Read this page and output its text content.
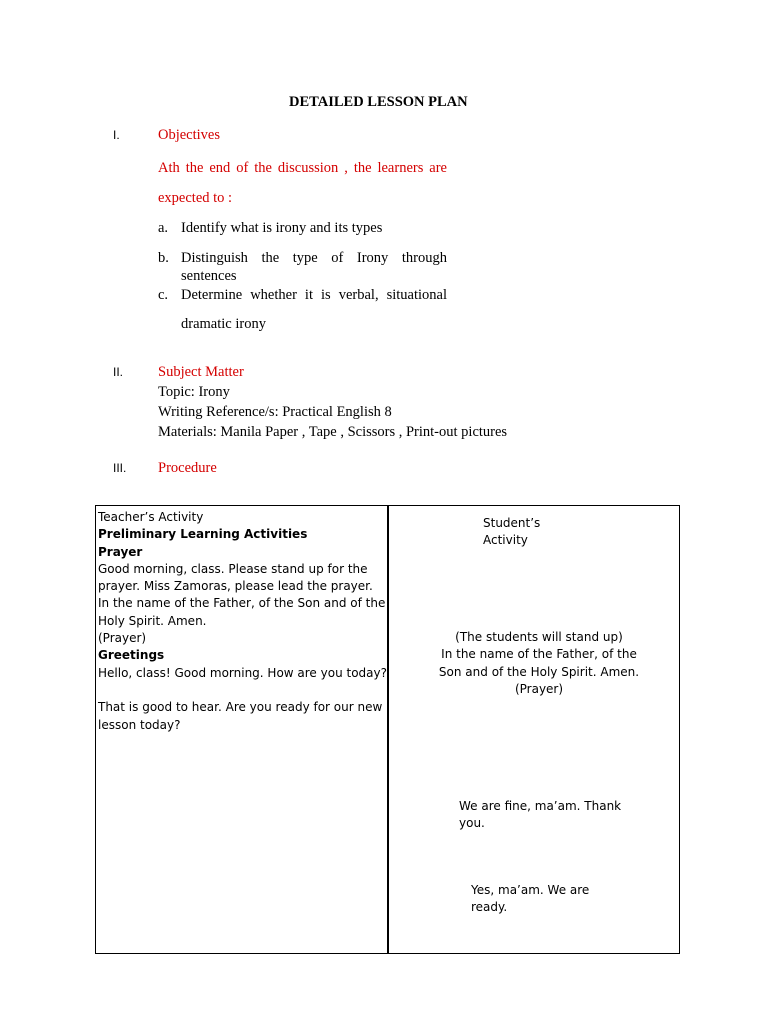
DETAILED LESSON PLAN
I.	Objectives
Ath the end of the discussion , the learners are
expected to :
a. Identify what is irony and its types
b. Distinguish the type of Irony through
sentences
c. Determine whether it is verbal, situational
dramatic irony
II. Subject Matter
Topic: Irony
Writing Reference/s: Practical English 8
Materials: Manila Paper , Tape , Scissors , Print-out pictures
III. Procedure
Teacher’s Activity
Preliminary Learning Activities
Prayer
Good morning, class. Please stand up for the
prayer. Miss Zamoras, please lead the prayer.
In the name of the Father, of the Son and of the
Holy Spirit. Amen.
(Prayer)
Greetings
Hello, class! Good morning. How are you today?
That is good to hear. Are you ready for our new
lesson today?
Student’s
Activity
(The students will stand up)
In the name of the Father, of the
Son and of the Holy Spirit. Amen.
(Prayer)
We are fine, ma’am. Thank
you.
Yes, ma’am. We are
ready.
